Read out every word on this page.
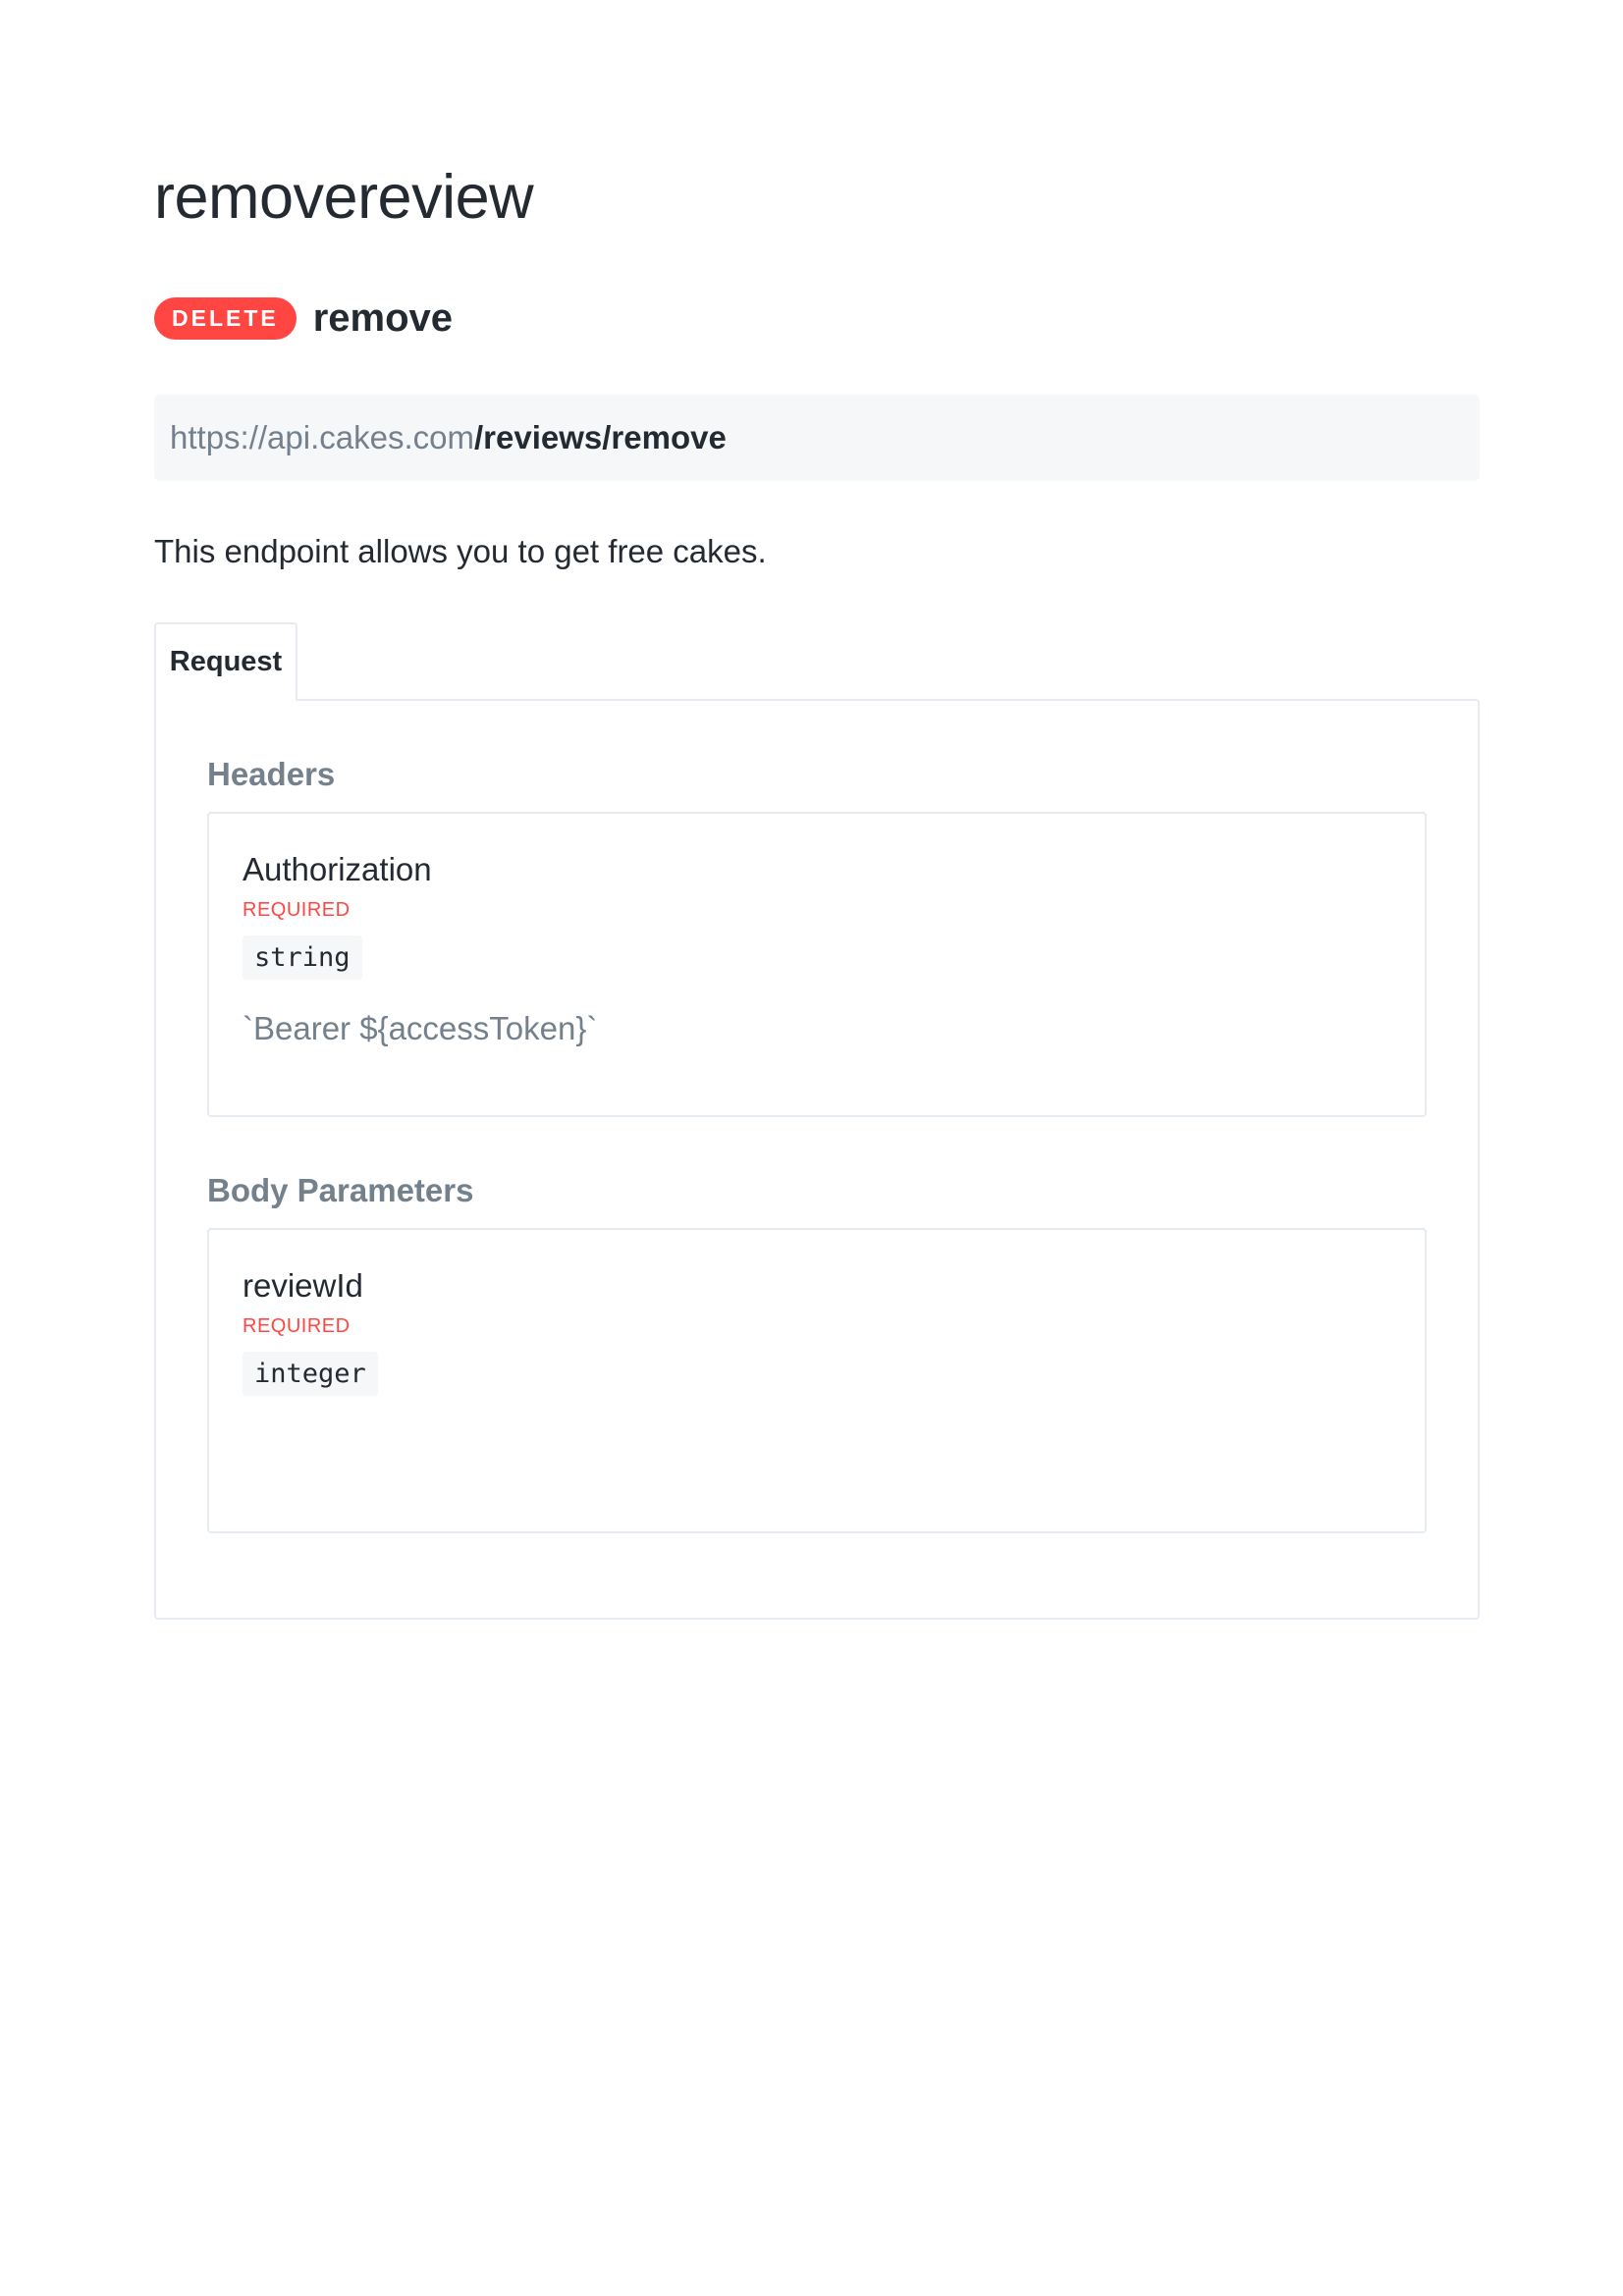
removereview
DELETE remove
https://api.cakes.com /reviews/remove
This endpoint allows you to get free cakes.
Request
Headers
Authorization
REQUIRED
string
`Bearer ${accessToken}`
Body Parameters
reviewId
REQUIRED
integer
